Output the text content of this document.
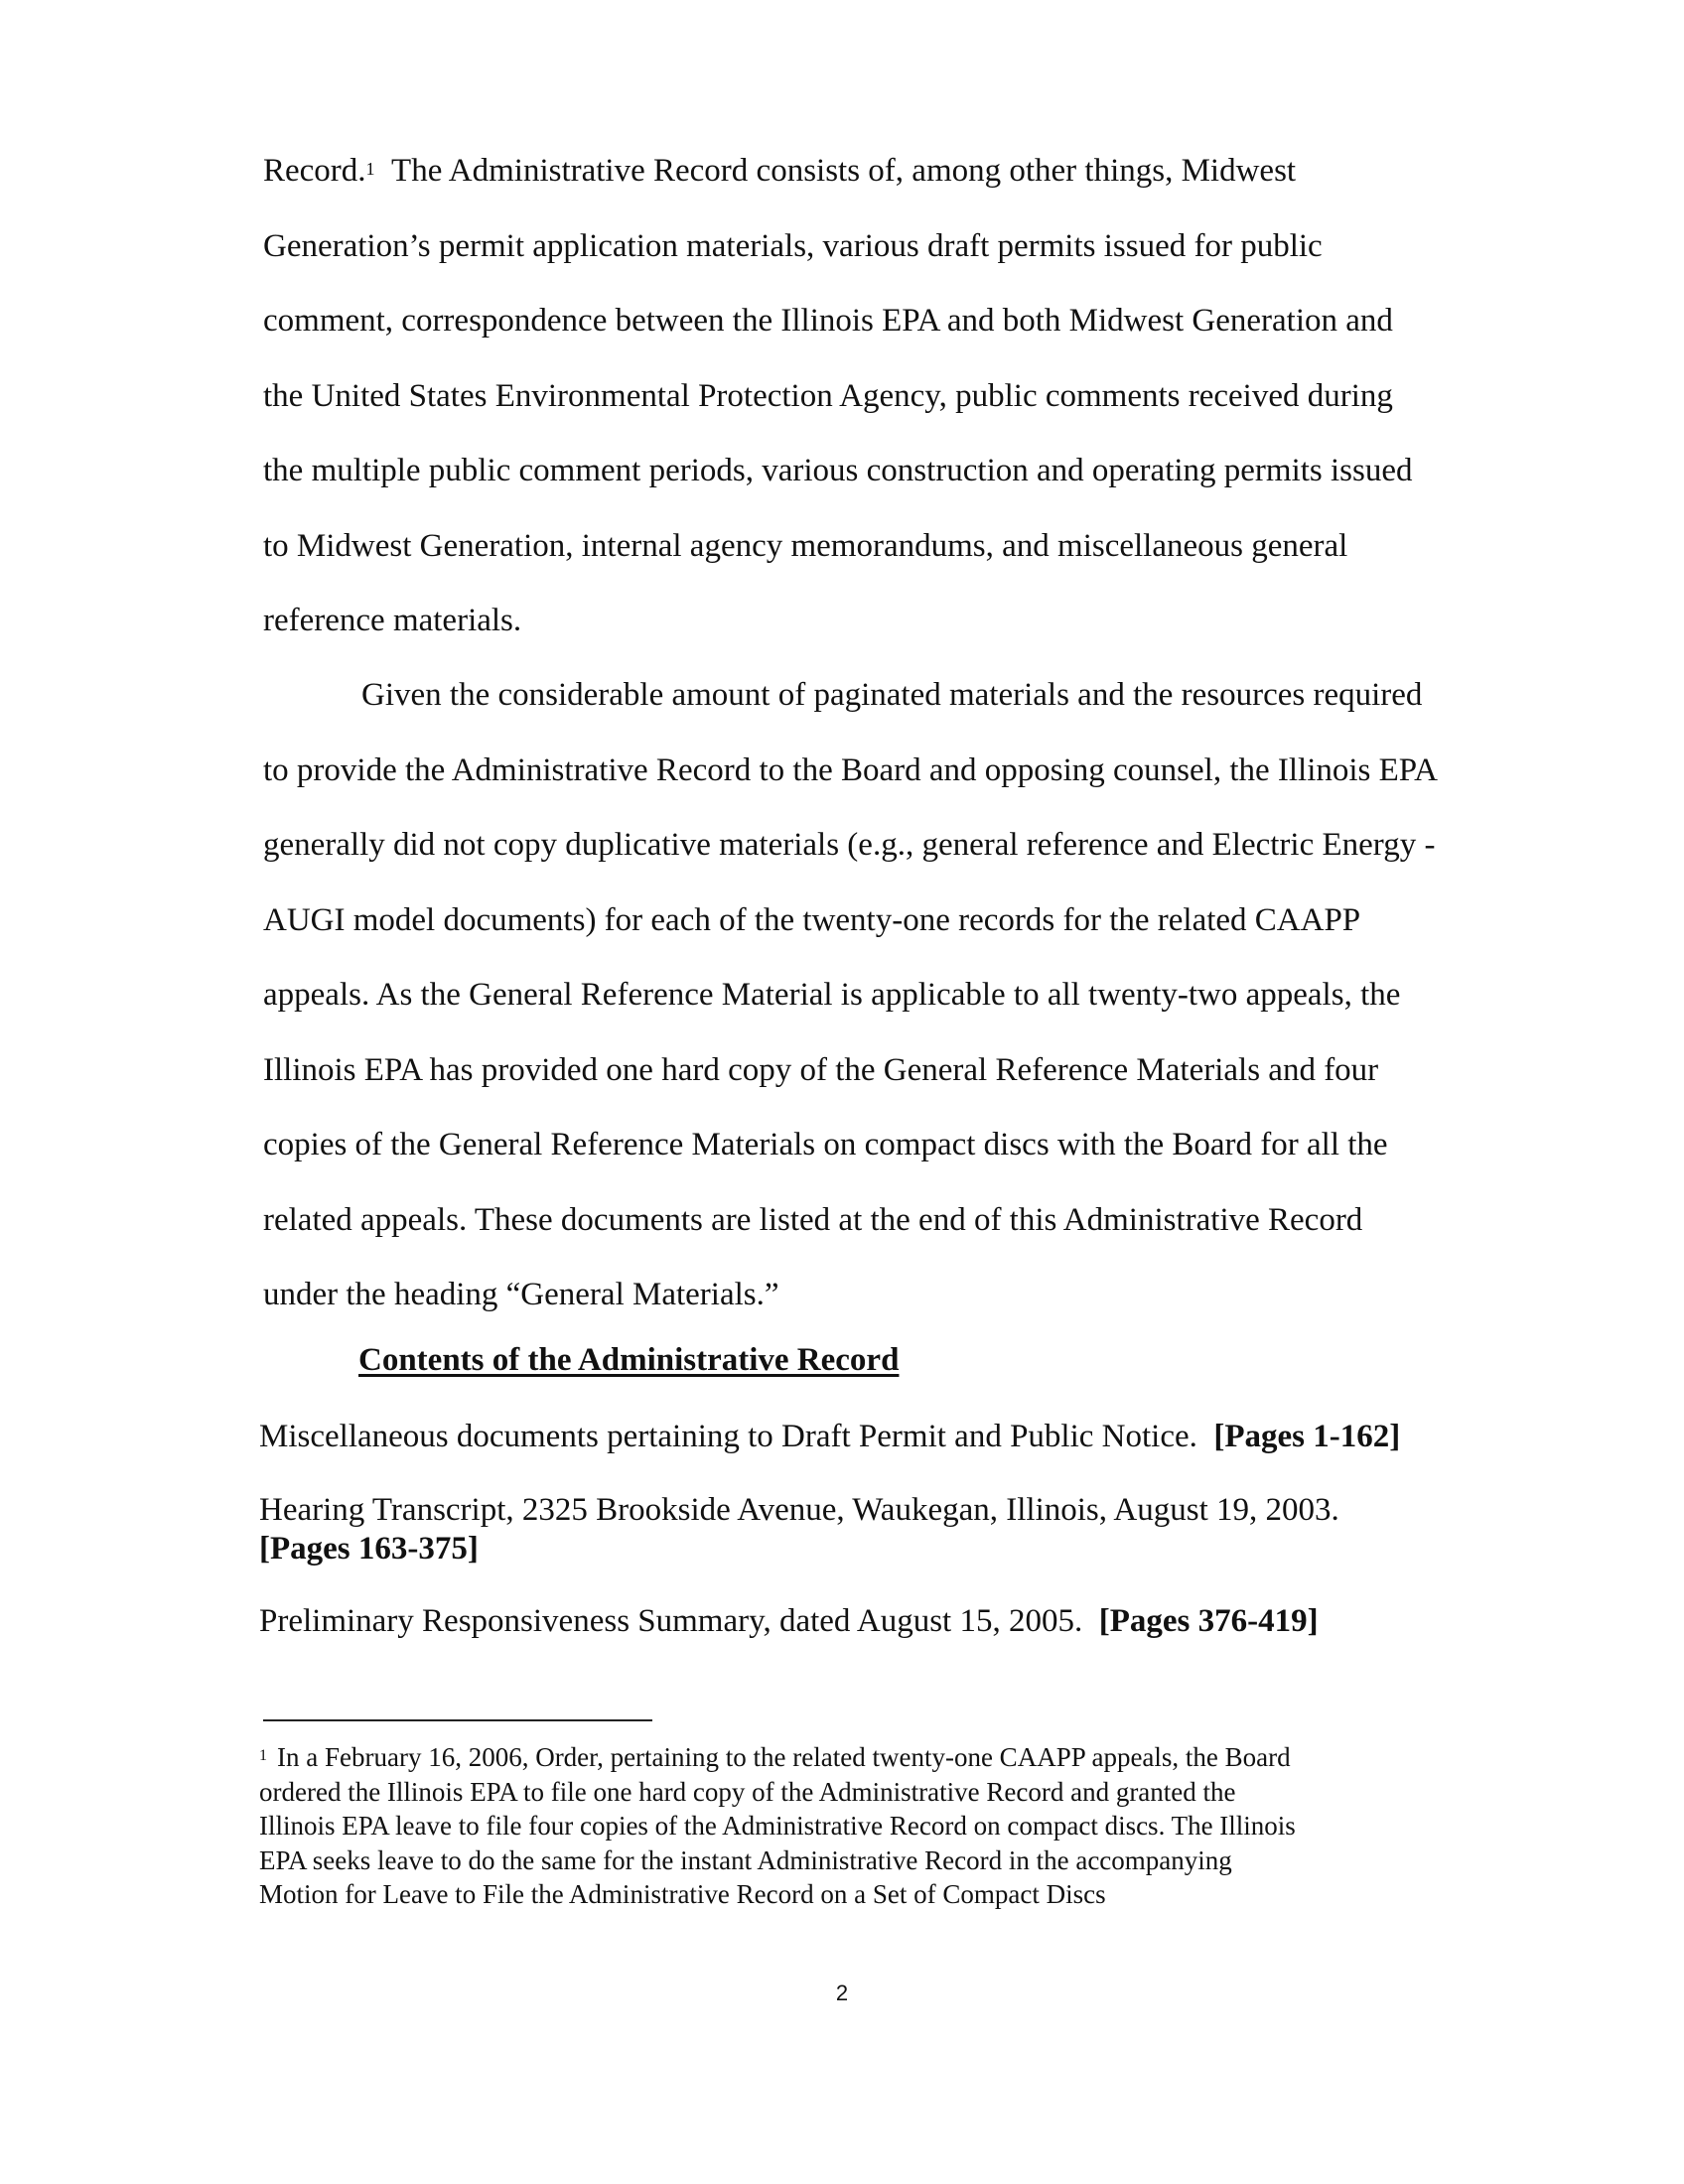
Record.$^1$ The Administrative Record consists of, among other things, Midwest
Generation’s permit application materials, various draft permits issued for public
comment, correspondence between the Illinois EPA and both Midwest Generation and
the United States Environmental Protection Agency, public comments received during
the multiple public comment periods, various construction and operating permits issued
to Midwest Generation, internal agency memorandums, and miscellaneous general
reference materials.

Given the considerable amount of paginated materials and the resources required
to provide the Administrative Record to the Board and opposing counsel, the Illinois EPA
generally did not copy duplicative materials (e.g., general reference and Electric Energy -
AUGI model documents) for each of the twenty-one records for the related CAAPP
appeals. As the General Reference Material is applicable to all twenty-two appeals, the
Illinois EPA has provided one hard copy of the General Reference Materials and four
copies of the General Reference Materials on compact discs with the Board for all the
related appeals. These documents are listed at the end of this Administrative Record
under the heading “General Materials.”

Contents of the Administrative Record

Miscellaneous documents pertaining to Draft Permit and Public Notice. [Pages 1-162]

Hearing Transcript, 2325 Brookside Avenue, Waukegan, Illinois, August 19, 2003.
[Pages 163-375]

Preliminary Responsiveness Summary, dated August 15, 2005. [Pages 376-419]

$^1$ In a February 16, 2006, Order, pertaining to the related twenty-one CAAPP appeals, the Board
ordered the Illinois EPA to file one hard copy of the Administrative Record and granted the
Illinois EPA leave to file four copies of the Administrative Record on compact discs. The Illinois
EPA seeks leave to do the same for the instant Administrative Record in the accompanying
Motion for Leave to File the Administrative Record on a Set of Compact Discs

2
